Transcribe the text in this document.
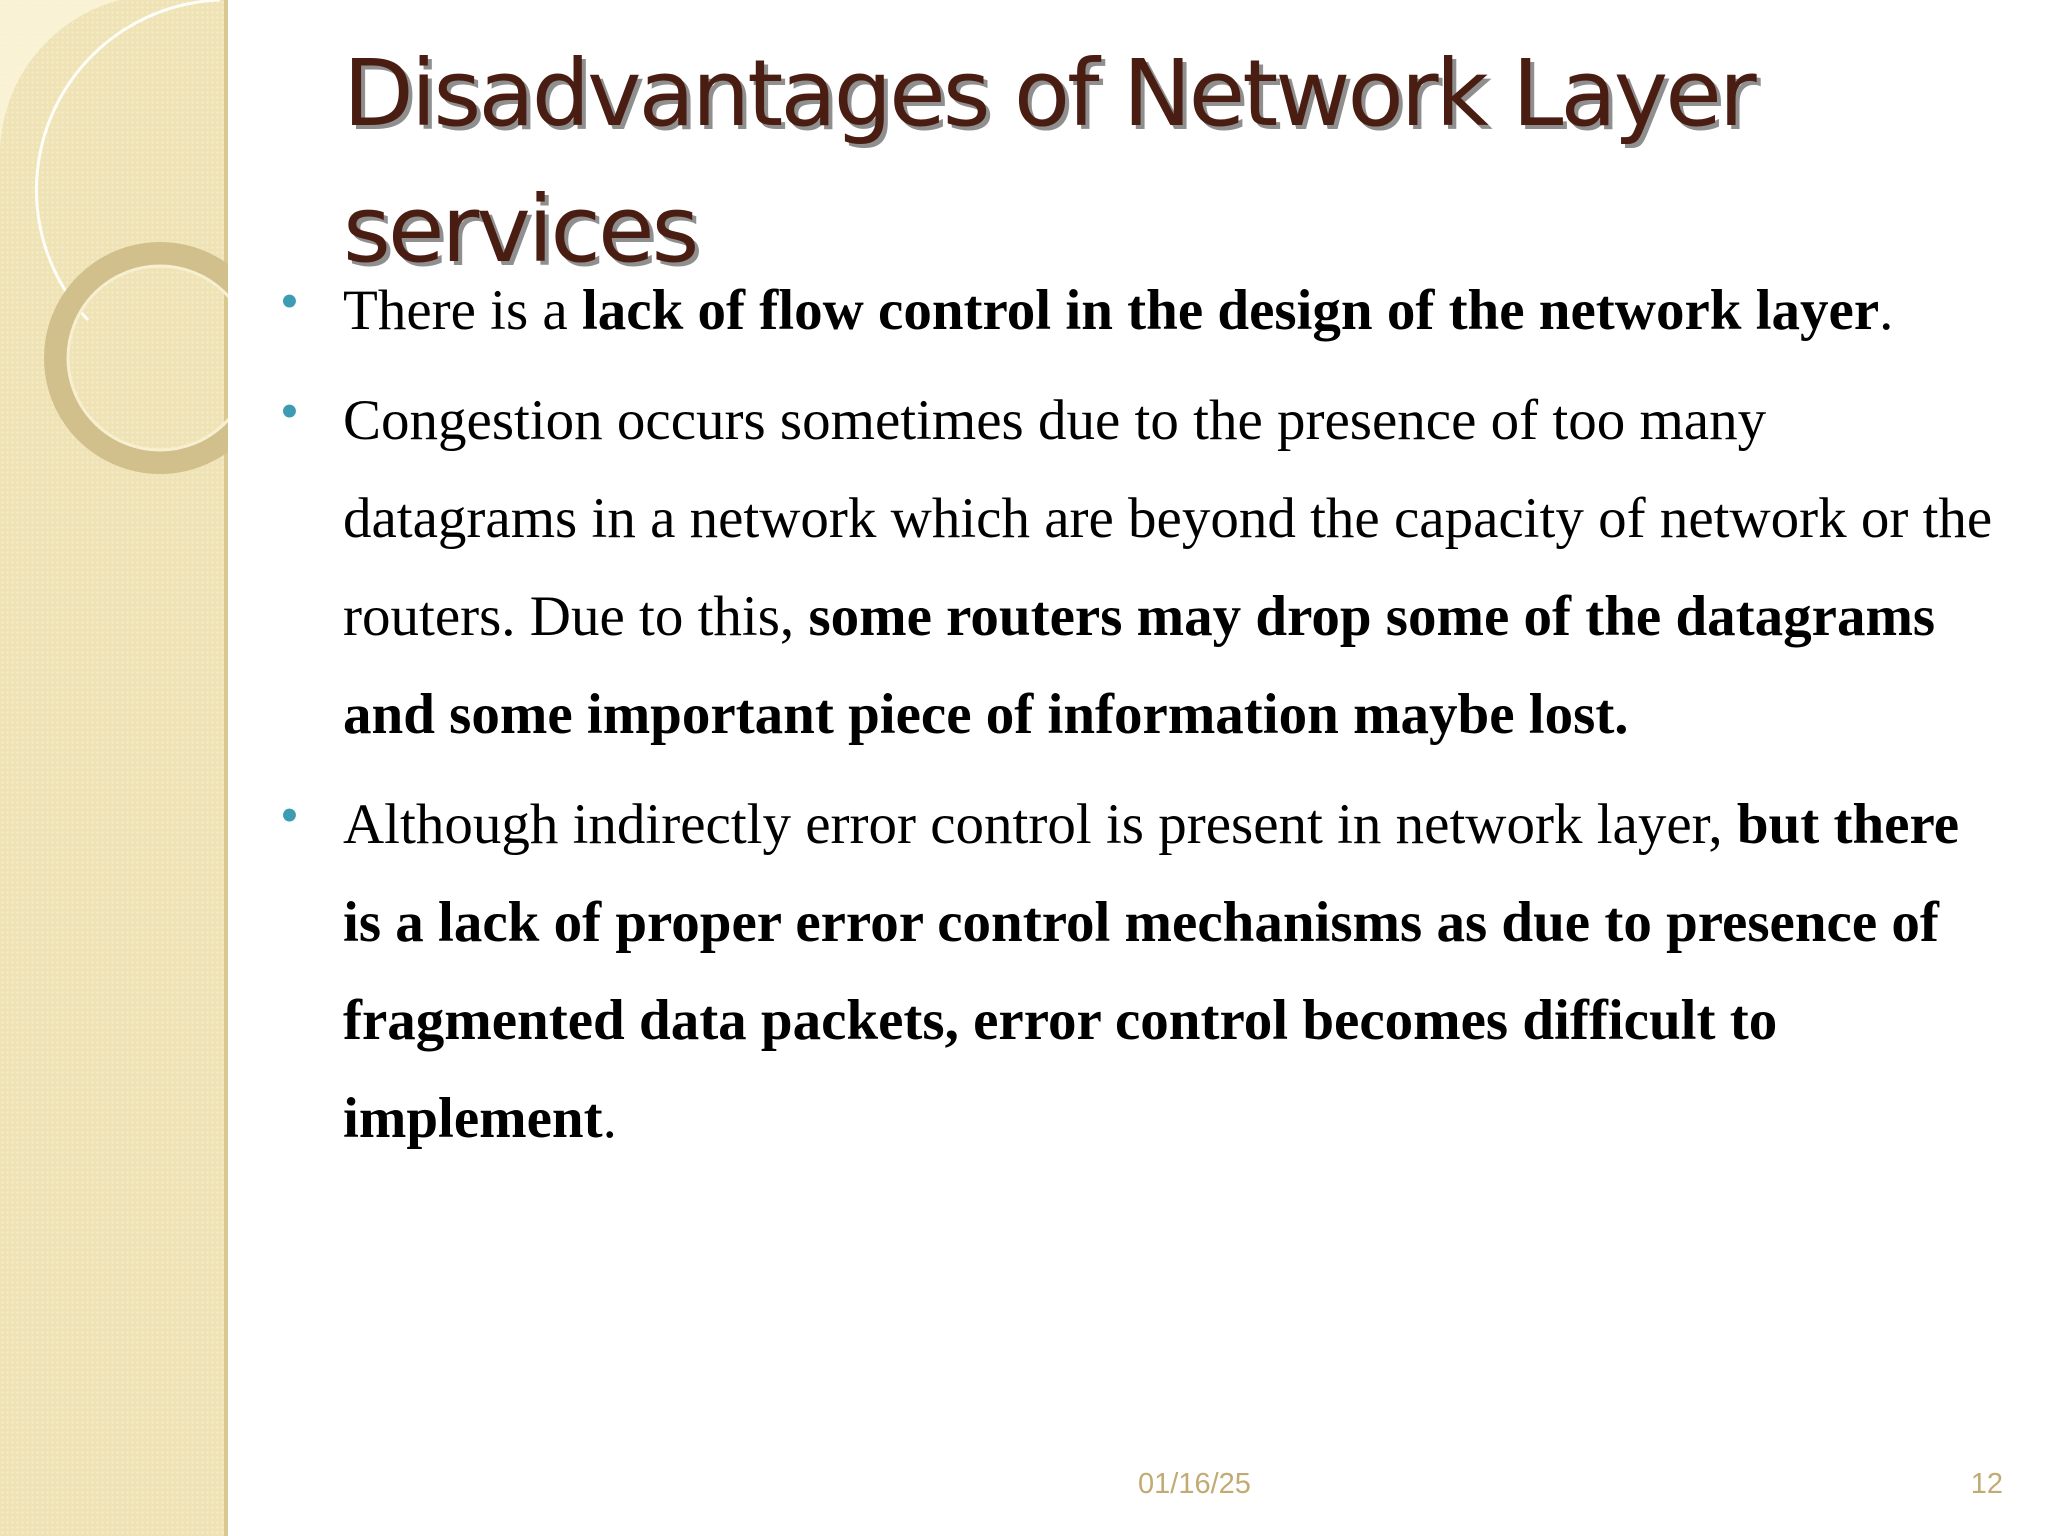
Disadvantages of Network Layer services
• There is a lack of flow control in the design of the network layer.
• Congestion occurs sometimes due to the presence of too many datagrams in a network which are beyond the capacity of network or the routers. Due to this, some routers may drop some of the datagrams and some important piece of information maybe lost.
• Although indirectly error control is present in network layer, but there is a lack of proper error control mechanisms as due to presence of fragmented data packets, error control becomes difficult to implement.
01/16/25	12
